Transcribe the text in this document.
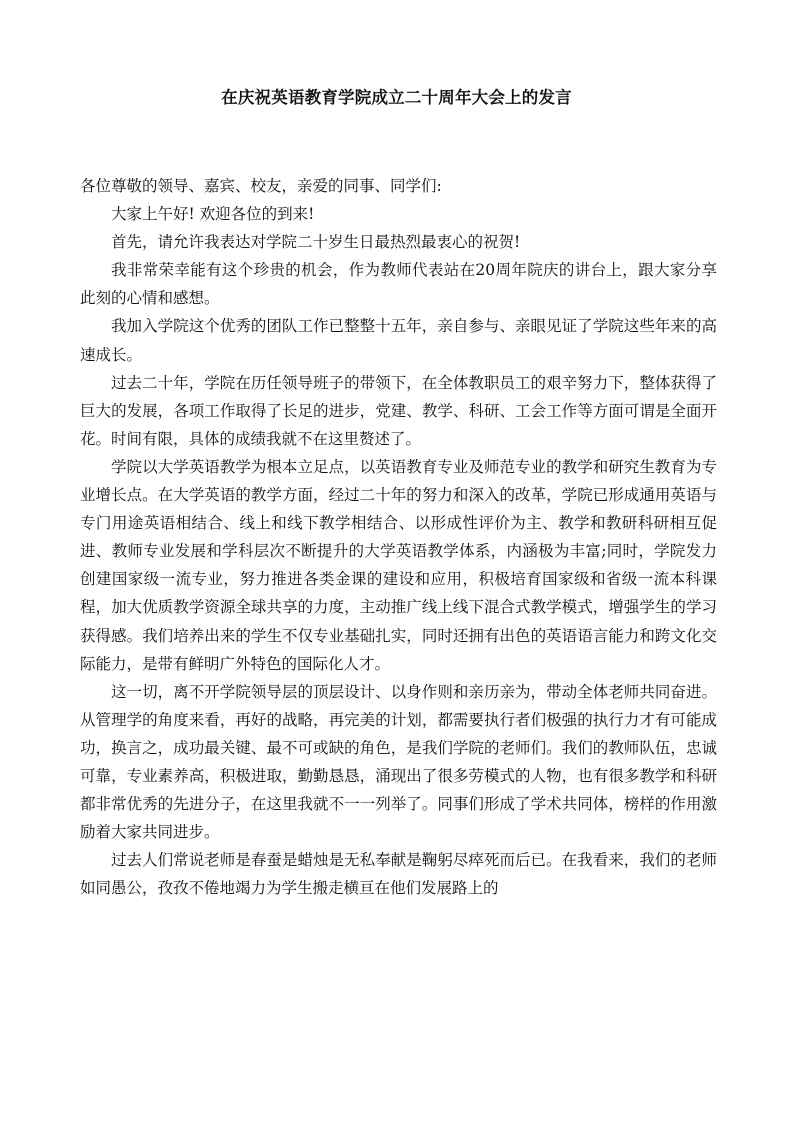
在庆祝英语教育学院成立二十周年大会上的发言

各位尊敬的领导、嘉宾、校友，亲爱的同事、同学们:

大家上午好! 欢迎各位的到来!

首先，请允许我表达对学院二十岁生日最热烈最衷心的祝贺!

我非常荣幸能有这个珍贵的机会，作为教师代表站在20周年院庆的讲台上，跟大家分享此刻的心情和感想。

我加入学院这个优秀的团队工作已整整十五年，亲自参与、亲眼见证了学院这些年来的高速成长。

过去二十年，学院在历任领导班子的带领下，在全体教职员工的艰辛努力下，整体获得了巨大的发展，各项工作取得了长足的进步，党建、教学、科研、工会工作等方面可谓是全面开花。时间有限，具体的成绩我就不在这里赘述了。

学院以大学英语教学为根本立足点，以英语教育专业及师范专业的教学和研究生教育为专业增长点。在大学英语的教学方面，经过二十年的努力和深入的改革，学院已形成通用英语与专门用途英语相结合、线上和线下教学相结合、以形成性评价为主、教学和教研科研相互促进、教师专业发展和学科层次不断提升的大学英语教学体系，内涵极为丰富;同时，学院发力创建国家级一流专业，努力推进各类金课的建设和应用，积极培育国家级和省级一流本科课程，加大优质教学资源全球共享的力度，主动推广线上线下混合式教学模式，增强学生的学习获得感。我们培养出来的学生不仅专业基础扎实，同时还拥有出色的英语语言能力和跨文化交际能力，是带有鲜明广外特色的国际化人才。

这一切，离不开学院领导层的顶层设计、以身作则和亲历亲为，带动全体老师共同奋进。从管理学的角度来看，再好的战略，再完美的计划，都需要执行者们极强的执行力才有可能成功，换言之，成功最关键、最不可或缺的角色，是我们学院的老师们。我们的教师队伍，忠诚可靠，专业素养高，积极进取，勤勤恳恳，涌现出了很多劳模式的人物，也有很多教学和科研都非常优秀的先进分子，在这里我就不一一列举了。同事们形成了学术共同体，榜样的作用激励着大家共同进步。

过去人们常说老师是春蚕是蜡烛是无私奉献是鞠躬尽瘁死而后已。在我看来，我们的老师如同愚公，孜孜不倦地竭力为学生搬走横亘在他们发展路上的
